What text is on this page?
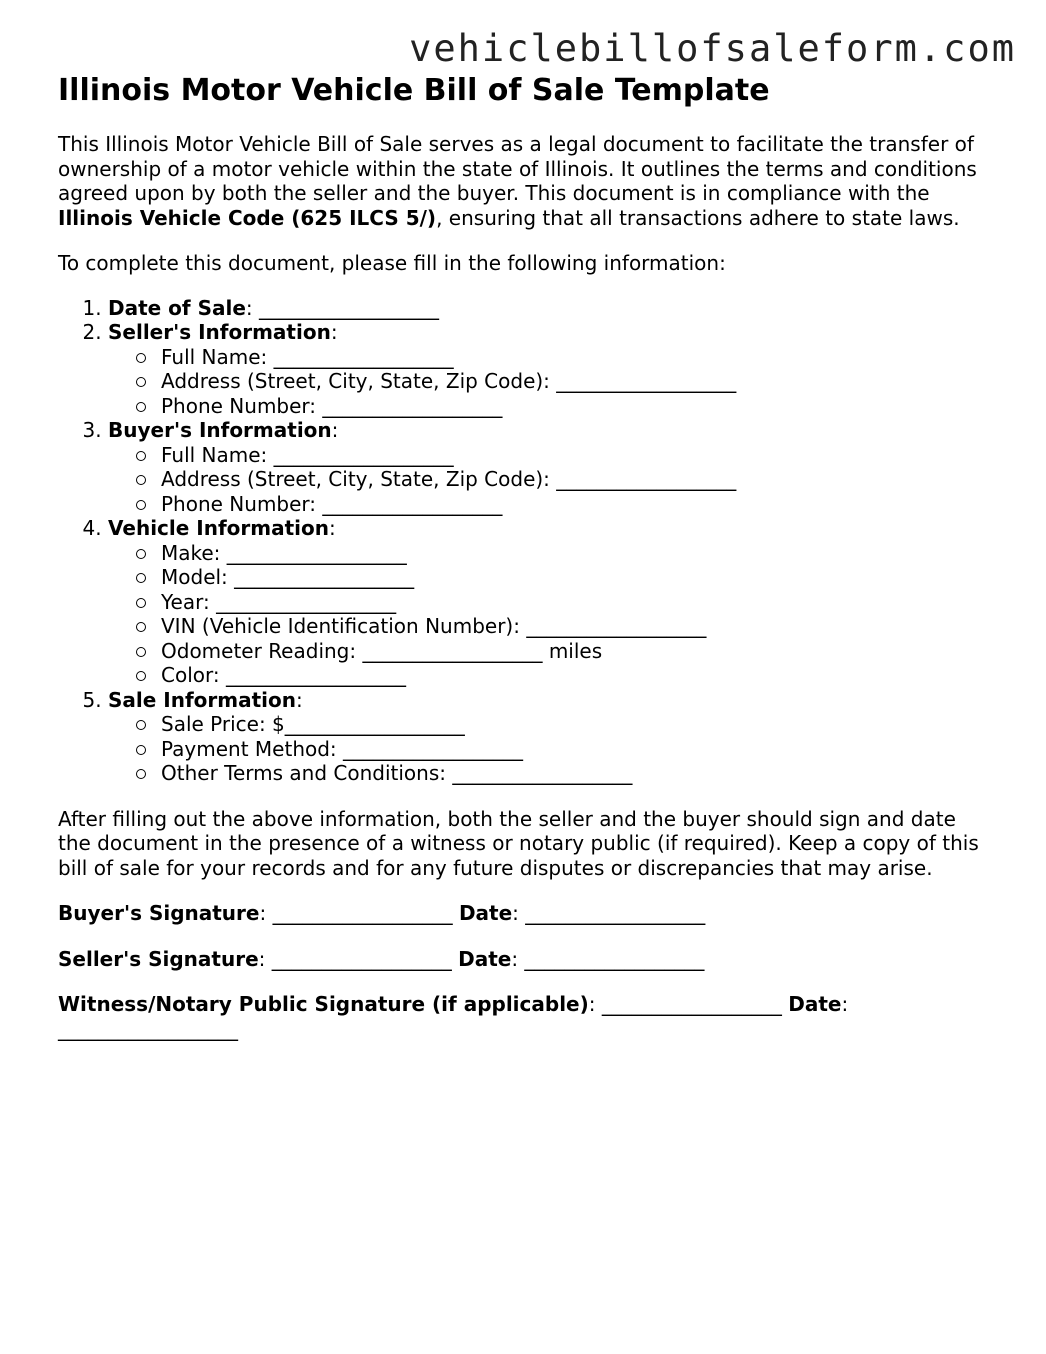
vehiclebillofsaleform.com
Illinois Motor Vehicle Bill of Sale Template

This Illinois Motor Vehicle Bill of Sale serves as a legal document to facilitate the transfer of ownership of a motor vehicle within the state of Illinois. It outlines the terms and conditions agreed upon by both the seller and the buyer. This document is in compliance with the Illinois Vehicle Code (625 ILCS 5/), ensuring that all transactions adhere to state laws.

To complete this document, please fill in the following information:

1. Date of Sale: __________________
2. Seller's Information:
Full Name: __________________
Address (Street, City, State, Zip Code): __________________
Phone Number: __________________
3. Buyer's Information:
Full Name: __________________
Address (Street, City, State, Zip Code): __________________
Phone Number: __________________
4. Vehicle Information:
Make: __________________
Model: __________________
Year: __________________
VIN (Vehicle Identification Number): __________________
Odometer Reading: __________________ miles
Color: __________________
5. Sale Information:
Sale Price: $__________________
Payment Method: __________________
Other Terms and Conditions: __________________

After filling out the above information, both the seller and the buyer should sign and date the document in the presence of a witness or notary public (if required). Keep a copy of this bill of sale for your records and for any future disputes or discrepancies that may arise.

Buyer's Signature: __________________ Date: __________________
Seller's Signature: __________________ Date: __________________
Witness/Notary Public Signature (if applicable): __________________ Date: __________________
